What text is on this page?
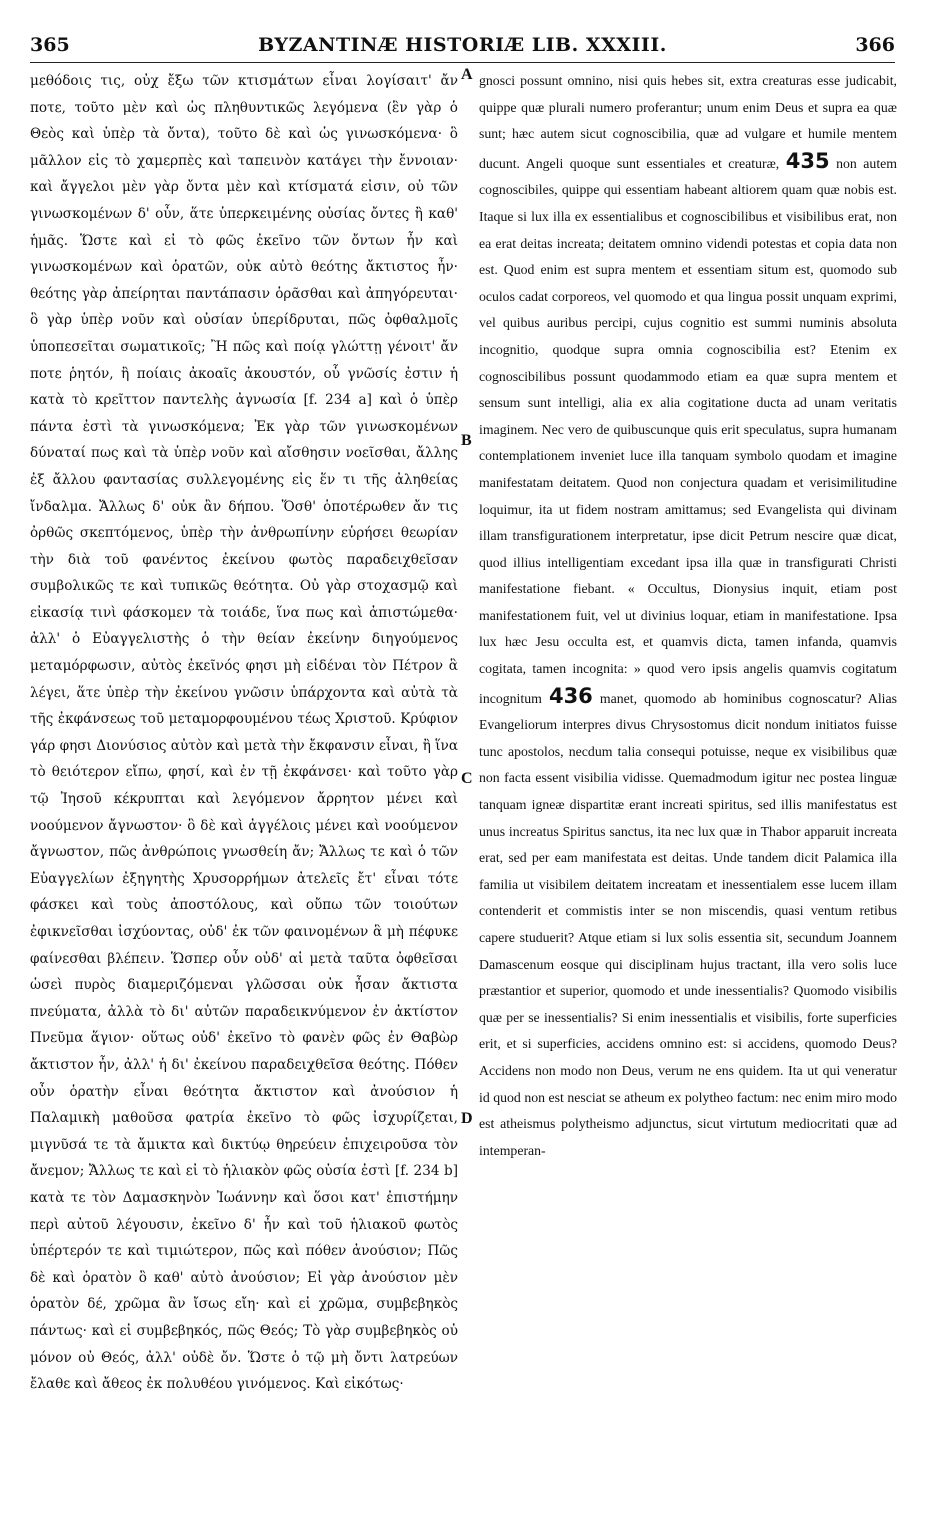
365	BYZANTINÆ HISTORIÆ LIB. XXXIII.	366

μεθόδοις τις, οὐχ ἔξω τῶν κτισμάτων εἶναι λογίσαιτ' ἄν ποτε, τοῦτο μὲν καὶ ὡς πληθυντικῶς λεγόμενα (ἓν γὰρ ὁ Θεὸς καὶ ὑπὲρ τὰ ὄντα), τοῦτο δὲ καὶ ὡς γινωσκόμενα· ὃ μᾶλλον εἰς τὸ χαμερπὲς καὶ ταπεινὸν κατάγει τὴν ἔννοιαν· καὶ ἄγγελοι μὲν γὰρ ὄντα μὲν καὶ κτίσματά εἰσιν, οὐ τῶν γινωσκομένων δ' οὖν, ἅτε ὑπερκειμένης οὐσίας ὄντες ἢ καθ' ἡμᾶς. Ὥστε καὶ εἰ τὸ φῶς ἐκεῖνο τῶν ὄντων ἦν καὶ γινωσκομένων καὶ ὁρατῶν, οὐκ αὐτὸ θεότης ἄκτιστος ἦν· θεότης γὰρ ἀπείρηται παντάπασιν ὁρᾶσθαι καὶ ἀπηγόρευται· ὃ γὰρ ὑπὲρ νοῦν καὶ οὐσίαν ὑπερίδρυται, πῶς ὀφθαλμοῖς ὑποπεσεῖται σωματικοῖς; Ἢ πῶς καὶ ποίᾳ γλώττῃ γένοιτ' ἄν ποτε ῥητόν, ἢ ποίαις ἀκοαῖς ἀκουστόν, οὗ γνῶσίς ἐστιν ἡ κατὰ τὸ κρεῖττον παντελὴς ἀγνωσία [f. 234 a] καὶ ὁ ὑπὲρ πάντα ἐστὶ τὰ γινωσκόμενα; Ἐκ γὰρ τῶν γινωσκομένων δύναταί πως καὶ τὰ ὑπὲρ νοῦν καὶ αἴσθησιν νοεῖσθαι, ἄλλης ἐξ ἄλλου φαντασίας συλλεγομένης εἰς ἕν τι τῆς ἀληθείας ἴνδαλμα. Ἄλλως δ' οὐκ ἂν δήπου. Ὅσθ' ὁποτέρωθεν ἄν τις ὀρθῶς σκεπτόμενος, ὑπὲρ τὴν ἀνθρωπίνην εὑρήσει θεωρίαν τὴν διὰ τοῦ φανέντος ἐκείνου φωτὸς παραδειχθεῖσαν συμβολικῶς τε καὶ τυπικῶς θεότητα. Οὐ γὰρ στοχασμῷ καὶ εἰκασίᾳ τινὶ φάσκομεν τὰ τοιάδε, ἵνα πως καὶ ἀπιστώμεθα· ἀλλ' ὁ Εὐαγγελιστὴς ὁ τὴν θείαν ἐκείνην διηγούμενος μεταμόρφωσιν, αὐτὸς ἐκεῖνός φησι μὴ εἰδέναι τὸν Πέτρον ἃ λέγει, ἅτε ὑπὲρ τὴν ἐκείνου γνῶσιν ὑπάρχοντα καὶ αὐτὰ τὰ τῆς ἐκφάνσεως τοῦ μεταμορφουμένου τέως Χριστοῦ. Κρύφιον γάρ φησι Διονύσιος αὐτὸν καὶ μετὰ τὴν ἔκφανσιν εἶναι, ἢ ἵνα τὸ θειότερον εἴπω, φησί, καὶ ἐν τῇ ἐκφάνσει· καὶ τοῦτο γὰρ τῷ Ἰησοῦ κέκρυπται καὶ λεγόμενον ἄρρητον μένει καὶ νοούμενον ἄγνωστον· ὃ δὲ καὶ ἀγγέλοις μένει καὶ νοούμενον ἄγνωστον, πῶς ἀνθρώποις γνωσθείη ἄν; Ἄλλως τε καὶ ὁ τῶν Εὐαγγελίων ἐξηγητὴς Χρυσορρήμων ἀτελεῖς ἔτ' εἶναι τότε φάσκει καὶ τοὺς ἀποστόλους, καὶ οὔπω τῶν τοιούτων ἐφικνεῖσθαι ἰσχύοντας, οὐδ' ἐκ τῶν φαινομένων ἃ μὴ πέφυκε φαίνεσθαι βλέπειν. Ὥσπερ οὖν οὐδ' αἱ μετὰ ταῦτα ὀφθεῖσαι ὡσεὶ πυρὸς διαμεριζόμεναι γλῶσσαι οὐκ ἦσαν ἄκτιστα πνεύματα, ἀλλὰ τὸ δι' αὐτῶν παραδεικνύμενον ἐν ἀκτίστον Πνεῦμα ἅγιον· οὕτως οὐδ' ἐκεῖνο τὸ φανὲν φῶς ἐν Θαβὼρ ἄκτιστον ἦν, ἀλλ' ἡ δι' ἐκείνου παραδειχθεῖσα θεότης. Πόθεν οὖν ὁρατὴν εἶναι θεότητα ἄκτιστον καὶ ἀνούσιον ἡ Παλαμικὴ μαθοῦσα φατρία ἐκεῖνο τὸ φῶς ἰσχυρίζεται, μιγνῦσά τε τὰ ἄμικτα καὶ δικτύῳ θηρεύειν ἐπιχειροῦσα τὸν ἄνεμον; Ἄλλως τε καὶ εἰ τὸ ἡλιακὸν φῶς οὐσία ἐστὶ [f. 234 b] κατὰ τε τὸν Δαμασκηνὸν Ἰωάννην καὶ ὅσοι κατ' ἐπιστήμην περὶ αὐτοῦ λέγουσιν, ἐκεῖνο δ' ἦν καὶ τοῦ ἡλιακοῦ φωτὸς ὑπέρτερόν τε καὶ τιμιώτερον, πῶς καὶ πόθεν ἀνούσιον; Πῶς δὲ καὶ ὁρατὸν ὂ καθ' αὐτὸ ἀνούσιον; Εἰ γὰρ ἀνούσιον μὲν ὁρατὸν δέ, χρῶμα ἂν ἴσως εἴη· καὶ εἰ χρῶμα, συμβεβηκὸς πάντως· καὶ εἰ συμβεβηκός, πῶς Θεός; Τὸ γὰρ συμβεβηκὸς οὐ μόνον οὐ Θεός, ἀλλ' οὐδὲ ὄν. Ὥστε ὁ τῷ μὴ ὄντι λατρεύων ἔλαθε καὶ ἄθεος ἐκ πολυθέου γινόμενος. Καὶ εἰκότως·

A
B
C
D

gnosci possunt omnino, nisi quis hebes sit, extra creaturas esse judicabit, quippe quæ plurali numero proferantur; unum enim Deus et supra ea quæ sunt; hæc autem sicut cognoscibilia, quæ ad vulgare et humile mentem ducunt. Angeli quoque sunt essentiales et creaturæ, 435 non autem cognoscibiles, quippe qui essentiam habeant altiorem quam quæ nobis est. Itaque si lux illa ex essentialibus et cognoscibilibus et visibilibus erat, non ea erat deitas increata; deitatem omnino videndi potestas et copia data non est. Quod enim est supra mentem et essentiam situm est, quomodo sub oculos cadat corporeos, vel quomodo et qua lingua possit unquam exprimi, vel quibus auribus percipi, cujus cognitio est summi numinis absoluta incognitio, quodque supra omnia cognoscibilia est? Etenim ex cognoscibilibus possunt quodammodo etiam ea quæ supra mentem et sensum sunt intelligi, alia ex alia cogitatione ducta ad unam veritatis imaginem. Nec vero de quibuscunque quis erit speculatus, supra humanam contemplationem inveniet luce illa tanquam symbolo quodam et imagine manifestatam deitatem. Quod non conjectura quadam et verisimilitudine loquimur, ita ut fidem nostram amittamus; sed Evangelista qui divinam illam transfigurationem interpretatur, ipse dicit Petrum nescire quæ dicat, quod illius intelligentiam excedant ipsa illa quæ in transfigurati Christi manifestatione fiebant. « Occultus, Dionysius inquit, etiam post manifestationem fuit, vel ut divinius loquar, etiam in manifestatione. Ipsa lux hæc Jesu occulta est, et quamvis dicta, tamen infanda, quamvis cogitata, tamen incognita: » quod vero ipsis angelis quamvis cogitatum incognitum 436 manet, quomodo ab hominibus cognoscatur? Alias Evangeliorum interpres divus Chrysostomus dicit nondum initiatos fuisse tunc apostolos, necdum talia consequi potuisse, neque ex visibilibus quæ non facta essent visibilia vidisse. Quemadmodum igitur nec postea linguæ tanquam igneæ dispartitæ erant increati spiritus, sed illis manifestatus est unus increatus Spiritus sanctus, ita nec lux quæ in Thabor apparuit increata erat, sed per eam manifestata est deitas. Unde tandem dicit Palamica illa familia ut visibilem deitatem increatam et inessentialem esse lucem illam contenderit et commistis inter se non miscendis, quasi ventum retibus capere studuerit? Atque etiam si lux solis essentia sit, secundum Joannem Damascenum eosque qui disciplinam hujus tractant, illa vero solis luce præstantior et superior, quomodo et unde inessentialis? Quomodo visibilis quæ per se inessentialis? Si enim inessentialis et visibilis, forte superficies erit, et si superficies, accidens omnino est: si accidens, quomodo Deus? Accidens non modo non Deus, verum ne ens quidem. Ita ut qui veneratur id quod non est nesciat se atheum ex polytheo factum: nec enim miro modo est atheismus polytheismo adjunctus, sicut virtutum mediocritati quæ ad intemperan-
